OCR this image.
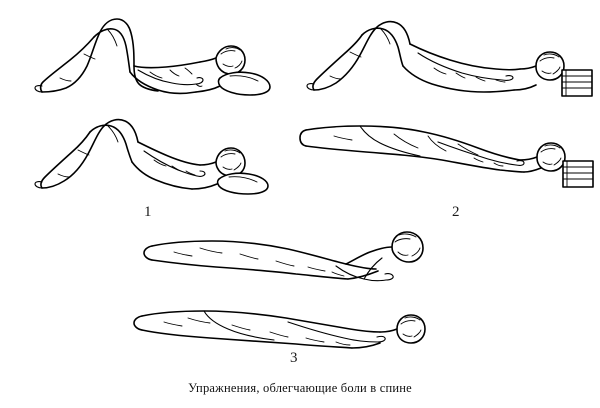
1	2
3
Упражнения, облегчающие боли в спине
